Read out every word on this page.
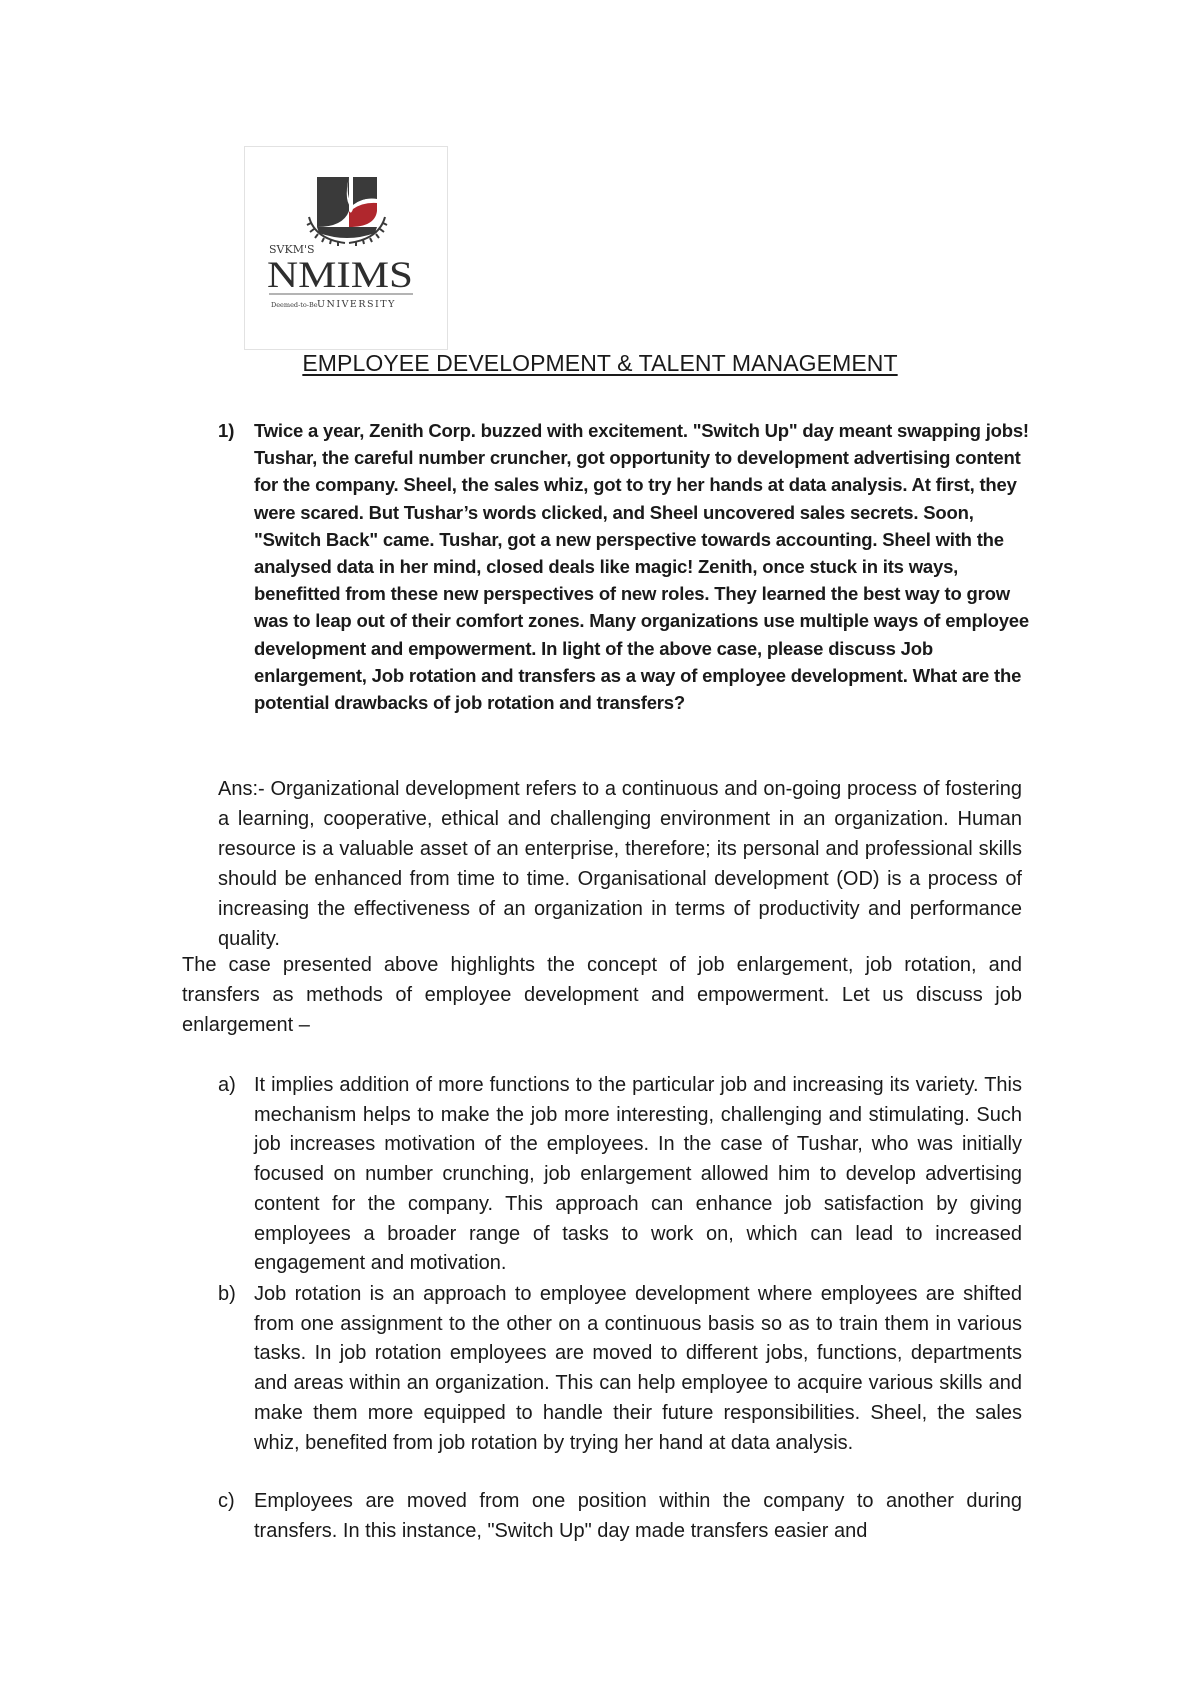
SVKM'S
NMIMS
Deemed-to-Be UNIVERSITY
EMPLOYEE DEVELOPMENT & TALENT MANAGEMENT
1) Twice a year, Zenith Corp. buzzed with excitement. "Switch Up" day meant swapping jobs! Tushar, the careful number cruncher, got opportunity to development advertising content for the company. Sheel, the sales whiz, got to try her hands at data analysis. At first, they were scared. But Tushar’s words clicked, and Sheel uncovered sales secrets. Soon, "Switch Back" came. Tushar, got a new perspective towards accounting. Sheel with the analysed data in her mind, closed deals like magic! Zenith, once stuck in its ways, benefitted from these new perspectives of new roles. They learned the best way to grow was to leap out of their comfort zones. Many organizations use multiple ways of employee development and empowerment. In light of the above case, please discuss Job enlargement, Job rotation and transfers as a way of employee development. What are the potential drawbacks of job rotation and transfers?
Ans:- Organizational development refers to a continuous and on-going process of fostering a learning, cooperative, ethical and challenging environment in an organization. Human resource is a valuable asset of an enterprise, therefore; its personal and professional skills should be enhanced from time to time. Organisational development (OD) is a process of increasing the effectiveness of an organization in terms of productivity and performance quality.
The case presented above highlights the concept of job enlargement, job rotation, and transfers as methods of employee development and empowerment. Let us discuss job enlargement –
a) It implies addition of more functions to the particular job and increasing its variety. This mechanism helps to make the job more interesting, challenging and stimulating. Such job increases motivation of the employees. In the case of Tushar, who was initially focused on number crunching, job enlargement allowed him to develop advertising content for the company. This approach can enhance job satisfaction by giving employees a broader range of tasks to work on, which can lead to increased engagement and motivation.
b) Job rotation is an approach to employee development where employees are shifted from one assignment to the other on a continuous basis so as to train them in various tasks. In job rotation employees are moved to different jobs, functions, departments and areas within an organization. This can help employee to acquire various skills and make them more equipped to handle their future responsibilities. Sheel, the sales whiz, benefited from job rotation by trying her hand at data analysis.
c) Employees are moved from one position within the company to another during transfers. In this instance, "Switch Up" day made transfers easier and
